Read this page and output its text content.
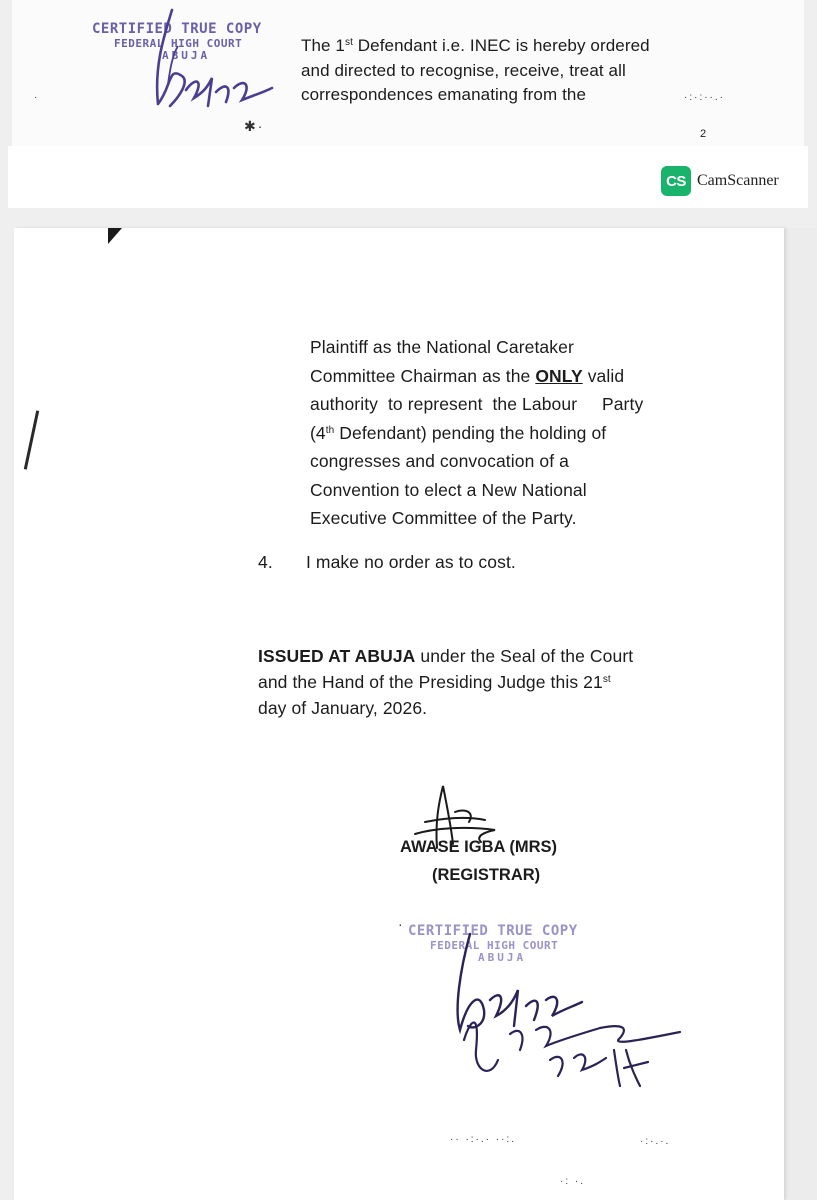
CERTIFIED TRUE COPY
FEDERAL HIGH COURT
ABUJA
The 1st Defendant i.e. INEC is hereby ordered
and directed to recognise, receive, treat all
correspondences emanating from the	·:·:··.·
✱·
·
2
CS CamScanner
Plaintiff as the National Caretaker
Committee Chairman as the ONLY valid
authority  to represent  the Labour     Party
(4th Defendant) pending the holding of
congresses and convocation of a
Convention to elect a New National
Executive Committee of the Party.
4. I make no order as to cost.
ISSUED AT ABUJA under the Seal of the Court
and the Hand of the Presiding Judge this 21st
day of January, 2026.
AWASE IGBA (MRS)
(REGISTRAR)
CERTIFIED TRUE COPY
FEDERAL HIGH COURT
ABUJA
·
·· ·:·.· ··:.	·:·.·.
·: ·.
